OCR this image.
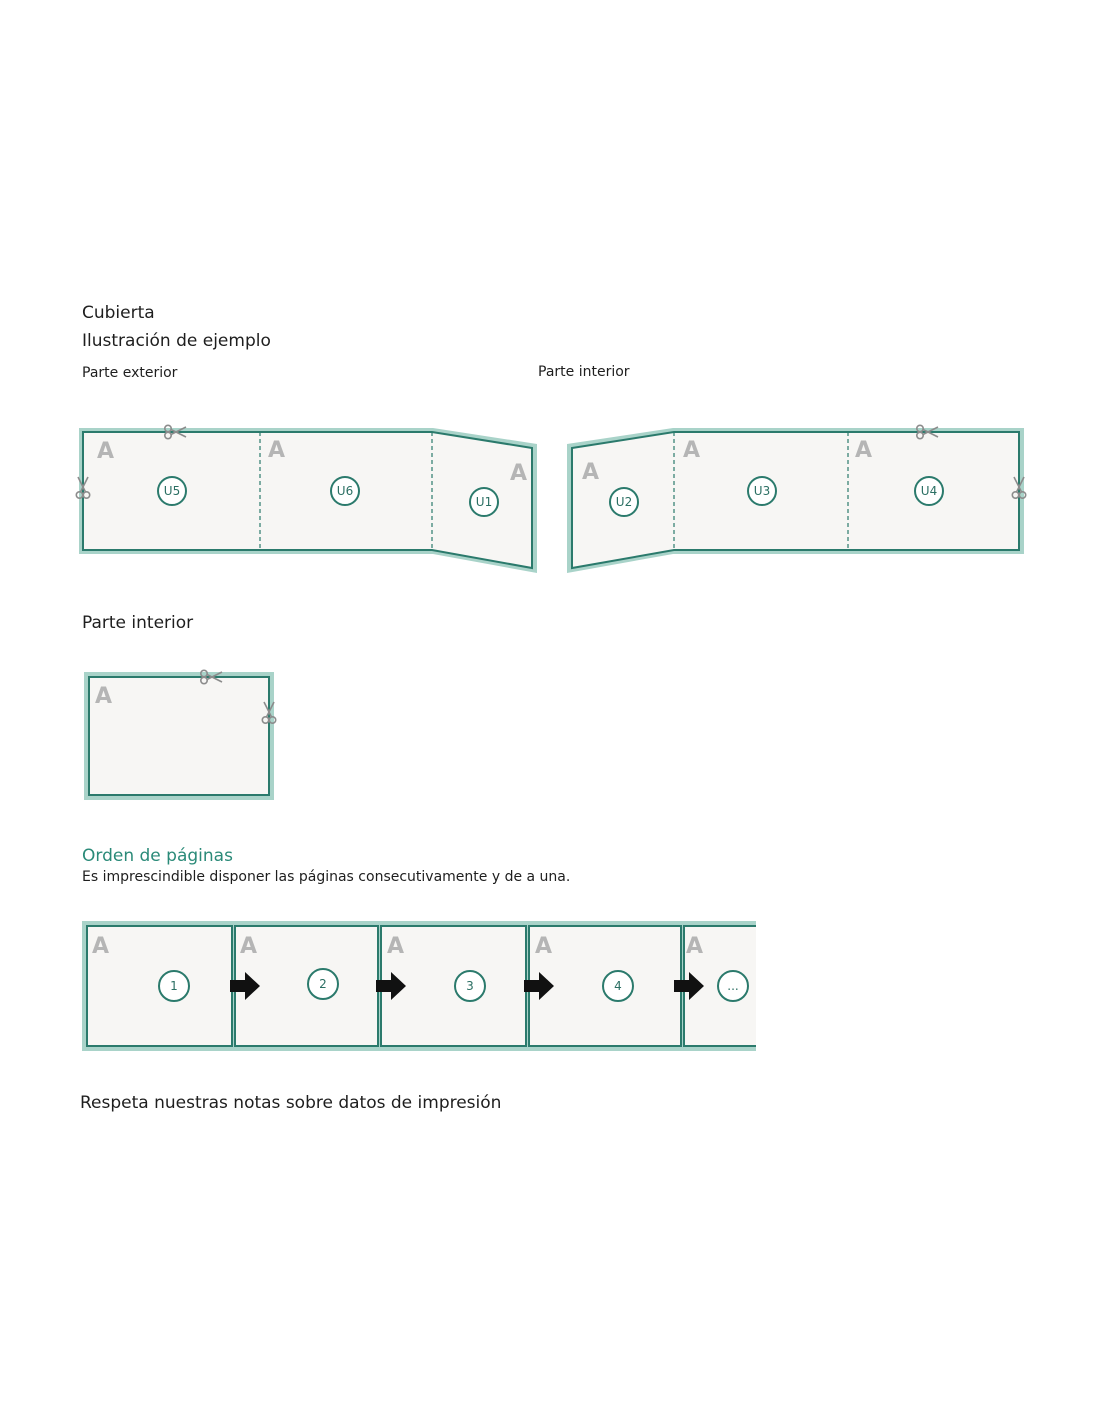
Cubierta
Ilustración de ejemplo
Parte exterior	Parte interior
Parte interior
Orden de páginas
Es imprescindible disponer las páginas consecutivamente y de a una.
Respeta nuestras notas sobre datos de impresión
A	A
A
U5	U6
U1
A
A	A
U2
U3	U4
A
A	A	A	A	A
1	2	3	4	...
